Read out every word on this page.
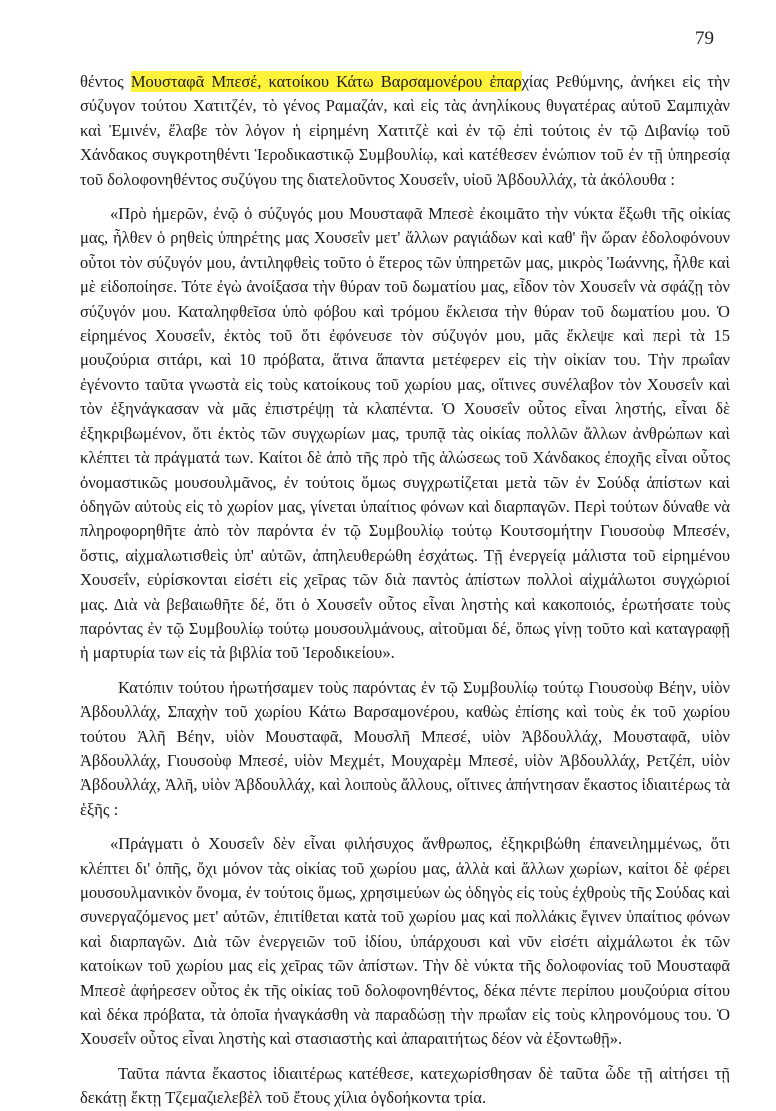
79

θέντος Μουσταφᾶ Μπεσέ, κατοίκου Κάτω Βαρσαμονέρου ἐπαρχίας Ρεθύμνης, ἀνήκει εἰς τὴν σύζυγον τούτου Χατιτζέν, τὸ γένος Ραμαζάν, καὶ εἰς τὰς ἀνηλίκους θυγατέρας αὐτοῦ Σαμπιχὰν καὶ Ἐμινέν, ἔλαβε τὸν λόγον ἡ εἰρημένη Χατιτζὲ καὶ ἐν τῷ ἐπὶ τούτοις ἐν τῷ Διβανίῳ τοῦ Χάνδακος συγκροτηθέντι Ἱεροδικαστικῷ Συμβουλίῳ, καὶ κατέθεσεν ἐνώπιον τοῦ ἐν τῇ ὑπηρεσίᾳ τοῦ δολοφονηθέντος συζύγου της διατελοῦντος Χουσεΐν, υἱοῦ Ἀβδουλλάχ, τὰ ἀκόλουθα :

«Πρὸ ἡμερῶν, ἐνῷ ὁ σύζυγός μου Μουσταφᾶ Μπεσὲ ἐκοιμᾶτο τὴν νύκτα ἔξωθι τῆς οἰκίας μας, ἦλθεν ὁ ρηθεὶς ὑπηρέτης μας Χουσεΐν μετ' ἄλλων ραγιάδων καὶ καθ' ἣν ὥραν ἐδολοφόνουν οὗτοι τὸν σύζυγόν μου, ἀντιληφθεὶς τοῦτο ὁ ἕτερος τῶν ὑπηρετῶν μας, μικρὸς Ἰωάννης, ἦλθε καὶ μὲ εἰδοποίησε. Τότε ἐγὼ ἀνοίξασα τὴν θύραν τοῦ δωματίου μας, εἶδον τὸν Χουσεΐν νὰ σφάζῃ τὸν σύζυγόν μου. Καταληφθεῖσα ὑπὸ φόβου καὶ τρόμου ἔκλεισα τὴν θύραν τοῦ δωματίου μου. Ὁ εἰρημένος Χουσεΐν, ἐκτὸς τοῦ ὅτι ἐφόνευσε τὸν σύζυγόν μου, μᾶς ἔκλεψε καὶ περὶ τὰ 15 μουζούρια σιτάρι, καὶ 10 πρόβατα, ἅτινα ἅπαντα μετέφερεν εἰς τὴν οἰκίαν του. Τὴν πρωΐαν ἐγένοντο ταῦτα γνωστὰ εἰς τοὺς κατοίκους τοῦ χωρίου μας, οἵτινες συνέλαβον τὸν Χουσεΐν καὶ τὸν ἐξηνάγκασαν νὰ μᾶς ἐπιστρέψῃ τὰ κλαπέντα. Ὁ Χουσεΐν οὗτος εἶναι ληστής, εἶναι δὲ ἐξηκριβωμένον, ὅτι ἐκτὸς τῶν συγχωρίων μας, τρυπᾷ τὰς οἰκίας πολλῶν ἄλλων ἀνθρώπων καὶ κλέπτει τὰ πράγματά των. Καίτοι δὲ ἀπὸ τῆς πρὸ τῆς ἁλώσεως τοῦ Χάνδακος ἐποχῆς εἶναι οὗτος ὀνομαστικῶς μουσουλμᾶνος, ἐν τούτοις ὅμως συγχρωτίζεται μετὰ τῶν ἐν Σούδᾳ ἀπίστων καὶ ὁδηγῶν αὐτοὺς εἰς τὸ χωρίον μας, γίνεται ὑπαίτιος φόνων καὶ διαρπαγῶν. Περὶ τούτων δύναθε νὰ πληροφορηθῆτε ἀπὸ τὸν παρόντα ἐν τῷ Συμβουλίῳ τούτῳ Κουτσομήτην Γιουσοὺφ Μπεσέν, ὅστις, αἰχμαλωτισθεὶς ὑπ' αὐτῶν, ἀπηλευθερώθη ἐσχάτως. Τῇ ἐνεργείᾳ μάλιστα τοῦ εἰρημένου Χουσεΐν, εὑρίσκονται εἰσέτι εἰς χεῖρας τῶν διὰ παντὸς ἀπίστων πολλοὶ αἰχμάλωτοι συγχώριοί μας. Διὰ νὰ βεβαιωθῆτε δέ, ὅτι ὁ Χουσεΐν οὗτος εἶναι ληστὴς καὶ κακοποιός, ἐρωτήσατε τοὺς παρόντας ἐν τῷ Συμβουλίῳ τούτῳ μουσουλμάνους, αἰτοῦμαι δέ, ὅπως γίνῃ τοῦτο καὶ καταγραφῇ ἡ μαρτυρία των εἰς τὰ βιβλία τοῦ Ἱεροδικείου».

Κατόπιν τούτου ἠρωτήσαμεν τοὺς παρόντας ἐν τῷ Συμβουλίῳ τούτῳ Γιουσοὺφ Βέην, υἱὸν Ἀβδουλλάχ, Σπαχὴν τοῦ χωρίου Κάτω Βαρσαμονέρου, καθὼς ἐπίσης καὶ τοὺς ἐκ τοῦ χωρίου τούτου Ἀλῆ Βέην, υἱὸν Μουσταφᾶ, Μουσλῆ Μπεσέ, υἱὸν Ἀβδουλλάχ, Μουσταφᾶ, υἱὸν Ἀβδουλλάχ, Γιουσοὺφ Μπεσέ, υἱὸν Μεχμέτ, Μουχαρὲμ Μπεσέ, υἱὸν Ἀβδουλλάχ, Ρετζέπ, υἱὸν Ἀβδουλλάχ, Ἀλῆ, υἱὸν Ἀβδουλλάχ, καὶ λοιποὺς ἄλλους, οἵτινες ἀπήντησαν ἕκαστος ἰδιαιτέρως τὰ ἑξῆς :

«Πράγματι ὁ Χουσεΐν δὲν εἶναι φιλήσυχος ἄνθρωπος, ἐξηκριβώθη ἐπανειλημμένως, ὅτι κλέπτει δι' ὀπῆς, ὄχι μόνον τὰς οἰκίας τοῦ χωρίου μας, ἀλλὰ καὶ ἄλλων χωρίων, καίτοι δὲ φέρει μουσουλμανικὸν ὄνομα, ἐν τούτοις ὅμως, χρησιμεύων ὡς ὁδηγὸς εἰς τοὺς ἐχθροὺς τῆς Σούδας καὶ συνεργαζόμενος μετ' αὐτῶν, ἐπιτίθεται κατὰ τοῦ χωρίου μας καὶ πολλάκις ἔγινεν ὑπαίτιος φόνων καὶ διαρπαγῶν. Διὰ τῶν ἐνεργειῶν τοῦ ἰδίου, ὑπάρχουσι καὶ νῦν εἰσέτι αἰχμάλωτοι ἐκ τῶν κατοίκων τοῦ χωρίου μας εἰς χεῖρας τῶν ἀπίστων. Τὴν δὲ νύκτα τῆς δολοφονίας τοῦ Μουσταφᾶ Μπεσὲ ἀφήρεσεν οὗτος ἐκ τῆς οἰκίας τοῦ δολοφονηθέντος, δέκα πέντε περίπου μουζούρια σίτου καὶ δέκα πρόβατα, τὰ ὁποῖα ἠναγκάσθη νὰ παραδώσῃ τὴν πρωΐαν εἰς τοὺς κληρονόμους του. Ὁ Χουσεΐν οὗτος εἶναι ληστὴς καὶ στασιαστὴς καὶ ἀπαραιτήτως δέον νὰ ἐξοντωθῇ».

Ταῦτα πάντα ἕκαστος ἰδιαιτέρως κατέθεσε, κατεχωρίσθησαν δὲ ταῦτα ὧδε τῇ αἰτήσει τῇ δεκάτῃ ἕκτῃ Τζεμαζιελεβὲλ τοῦ ἔτους χίλια ὀγδοήκοντα τρία.
